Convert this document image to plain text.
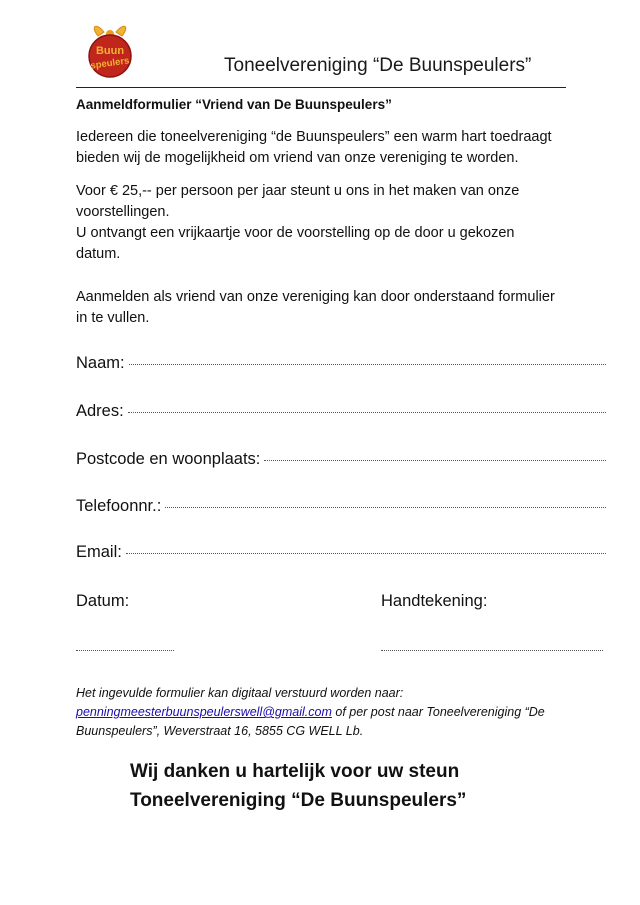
Buun
speulers	Toneelvereniging “De Buunspeulers”
Aanmeldformulier “Vriend van De Buunspeulers”
Iedereen die toneelvereniging “de Buunspeulers” een warm hart toedraagt
bieden wij de mogelijkheid om vriend van onze vereniging te worden.
Voor € 25,-- per persoon per jaar steunt u ons in het maken van onze
voorstellingen.
U ontvangt een vrijkaartje voor de voorstelling op de door u gekozen
datum.
Aanmelden als vriend van onze vereniging kan door onderstaand formulier
in te vullen.
Naam:
Adres:
Postcode en woonplaats:
Telefoonnr.:
Email:
Datum:	Handtekening:
Het ingevulde formulier kan digitaal verstuurd worden naar:
penningmeesterbuunspeulerswell@gmail.com of per post naar Toneelvereniging “De
Buunspeulers”, Weverstraat 16, 5855 CG WELL Lb.
Wij danken u hartelijk voor uw steun
Toneelvereniging “De Buunspeulers”
